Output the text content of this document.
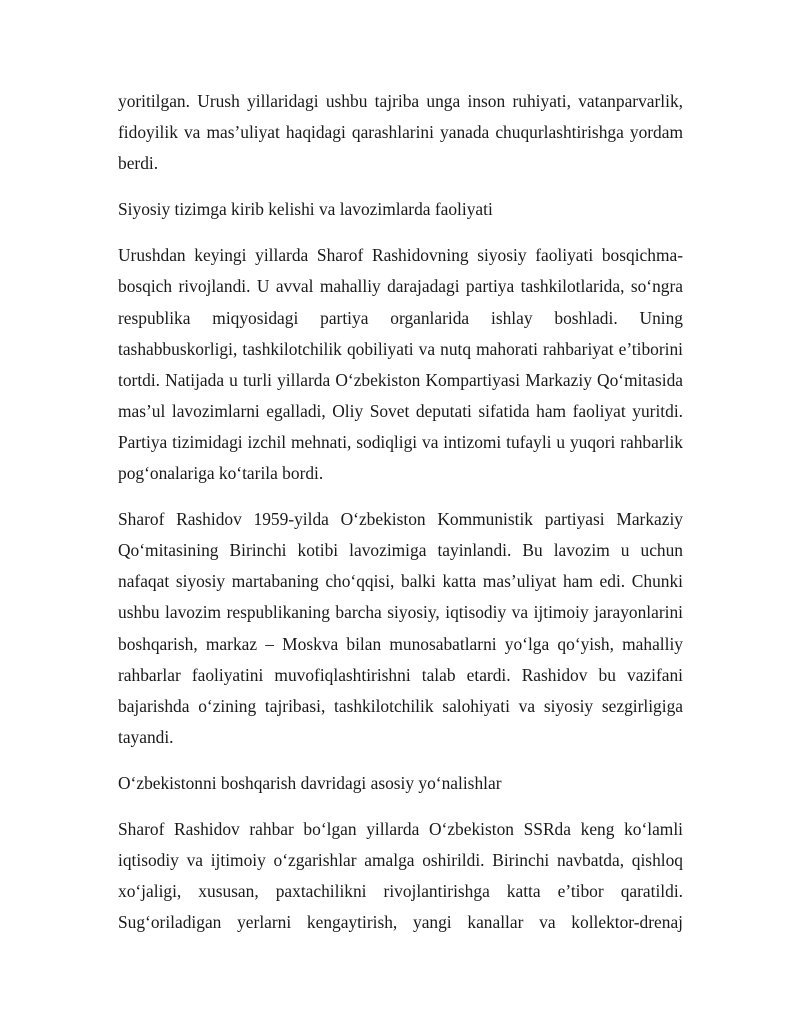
yoritilgan. Urush yillaridagi ushbu tajriba unga inson ruhiyati, vatanparvarlik, fidoyilik va mas’uliyat haqidagi qarashlarini yanada chuqurlashtirishga yordam berdi.

Siyosiy tizimga kirib kelishi va lavozimlarda faoliyati

Urushdan keyingi yillarda Sharof Rashidovning siyosiy faoliyati bosqichma-bosqich rivojlandi. U avval mahalliy darajadagi partiya tashkilotlarida, so‘ngra respublika miqyosidagi partiya organlarida ishlay boshladi. Uning tashabbuskorligi, tashkilotchilik qobiliyati va nutq mahorati rahbariyat e’tiborini tortdi. Natijada u turli yillarda O‘zbekiston Kompartiyasi Markaziy Qo‘mitasida mas’ul lavozimlarni egalladi, Oliy Sovet deputati sifatida ham faoliyat yuritdi. Partiya tizimidagi izchil mehnati, sodiqligi va intizomi tufayli u yuqori rahbarlik pog‘onalariga ko‘tarila bordi.

Sharof Rashidov 1959-yilda O‘zbekiston Kommunistik partiyasi Markaziy Qo‘mitasining Birinchi kotibi lavozimiga tayinlandi. Bu lavozim u uchun nafaqat siyosiy martabaning cho‘qqisi, balki katta mas’uliyat ham edi. Chunki ushbu lavozim respublikaning barcha siyosiy, iqtisodiy va ijtimoiy jarayonlarini boshqarish, markaz – Moskva bilan munosabatlarni yo‘lga qo‘yish, mahalliy rahbarlar faoliyatini muvofiqlashtirishni talab etardi. Rashidov bu vazifani bajarishda o‘zining tajribasi, tashkilotchilik salohiyati va siyosiy sezgirligiga tayandi.

O‘zbekistonni boshqarish davridagi asosiy yo‘nalishlar

Sharof Rashidov rahbar bo‘lgan yillarda O‘zbekiston SSRda keng ko‘lamli iqtisodiy va ijtimoiy o‘zgarishlar amalga oshirildi. Birinchi navbatda, qishloq xo‘jaligi, xususan, paxtachilikni rivojlantirishga katta e’tibor qaratildi. Sug‘oriladigan yerlarni kengaytirish, yangi kanallar va kollektor-drenaj
